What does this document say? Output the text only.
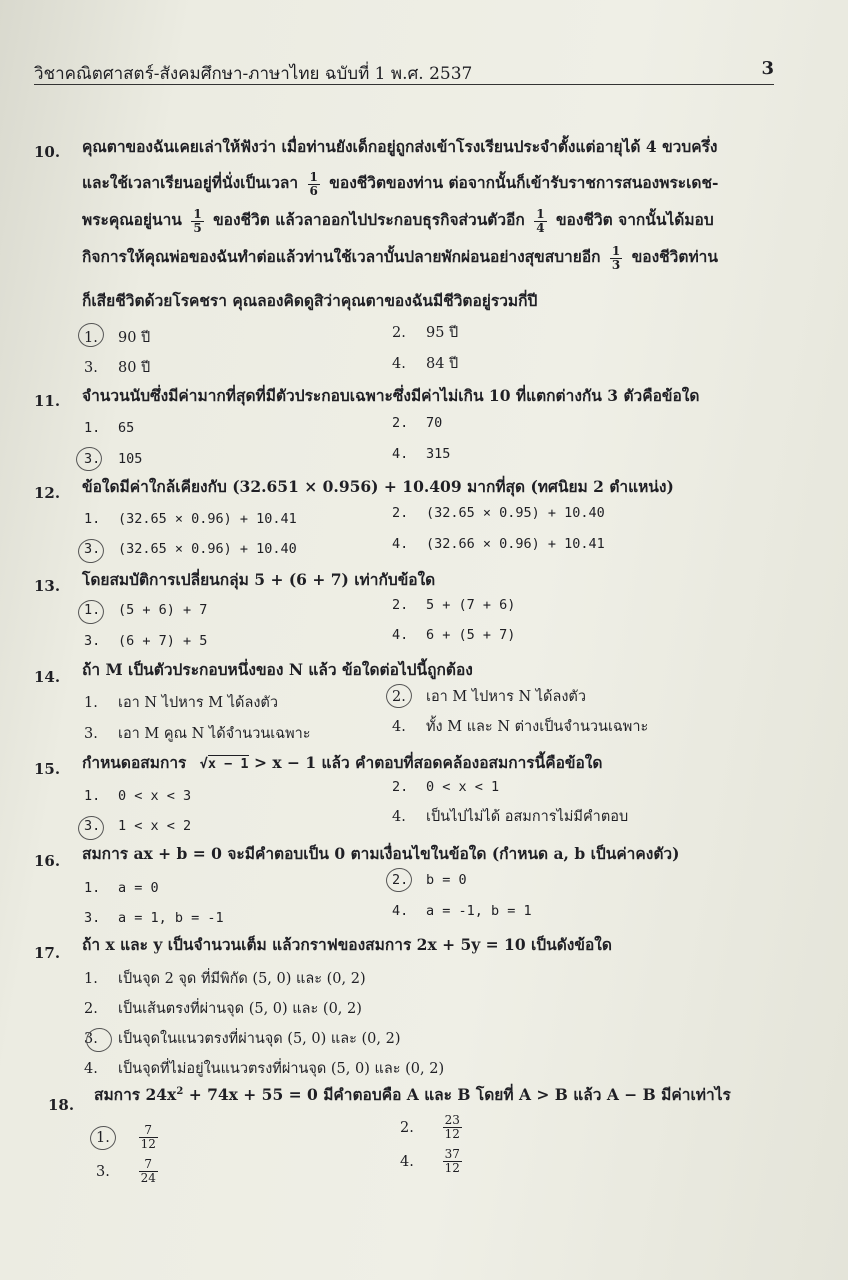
วิชาคณิตศาสตร์-สังคมศึกษา-ภาษาไทย ฉบับที่ 1 พ.ศ. 2537	3
10. คุณตาของฉันเคยเล่าให้ฟังว่า เมื่อท่านยังเด็กอยู่ถูกส่งเข้าโรงเรียนประจำตั้งแต่อายุได้ 4 ขวบครึ่ง
และใช้เวลาเรียนอยู่ที่นั่งเป็นเวลา $\frac{1}{6}$ ของชีวิตของท่าน ต่อจากนั้นก็เข้ารับราชการสนองพระเดช-
พระคุณอยู่นาน $\frac{1}{5}$ ของชีวิต แล้วลาออกไปประกอบธุรกิจส่วนตัวอีก $\frac{1}{4}$ ของชีวิต จากนั้นได้มอบ
กิจการให้คุณพ่อของฉันทำต่อแล้วท่านใช้เวลาบั้นปลายพักผ่อนอย่างสุขสบายอีก $\frac{1}{3}$ ของชีวิตท่าน
ก็เสียชีวิตด้วยโรคชรา คุณลองคิดดูสิว่าคุณตาของฉันมีชีวิตอยู่รวมกี่ปี
1. 90 ปี	2. 95 ปี
3. 80 ปี	4. 84 ปี
11. จำนวนนับซึ่งมีค่ามากที่สุดที่มีตัวประกอบเฉพาะซึ่งมีค่าไม่เกิน 10 ที่แตกต่างกัน 3 ตัวคือข้อใด
1. 65	2. 70
3. 105	4. 315
12. ข้อใดมีค่าใกล้เคียงกับ (32.651 × 0.956) + 10.409 มากที่สุด (ทศนิยม 2 ตำแหน่ง)
1. (32.65 × 0.96) + 10.41	2. (32.65 × 0.95) + 10.40
3. (32.65 × 0.96) + 10.40	4. (32.66 × 0.96) + 10.41
13. โดยสมบัติการเปลี่ยนกลุ่ม 5 + (6 + 7) เท่ากับข้อใด
1. (5 + 6) + 7	2. 5 + (7 + 6)
3. (6 + 7) + 5	4. 6 + (5 + 7)
14. ถ้า M เป็นตัวประกอบหนึ่งของ N แล้ว ข้อใดต่อไปนี้ถูกต้อง
1. เอา N ไปหาร M ได้ลงตัว	2. เอา M ไปหาร N ได้ลงตัว
3. เอา M คูณ N ได้จำนวนเฉพาะ	4. ทั้ง M และ N ต่างเป็นจำนวนเฉพาะ
15. กำหนดอสมการ √x − 1 > x − 1 แล้ว คำตอบที่สอดคล้องอสมการนี้คือข้อใด
1. 0 < x < 3
2. 0 < x < 1
3. 1 < x < 2
4. เป็นไปไม่ได้ อสมการไม่มีคำตอบ
16. สมการ ax + b = 0 จะมีคำตอบเป็น 0 ตามเงื่อนไขในข้อใด (กำหนด a, b เป็นค่าคงตัว)
1. a = 0	2. b = 0
3. a = 1, b = -1	4. a = -1, b = 1
17. ถ้า x และ y เป็นจำนวนเต็ม แล้วกราฟของสมการ 2x + 5y = 10 เป็นดังข้อใด
1. เป็นจุด 2 จุด ที่มีพิกัด (5, 0) และ (0, 2)
2. เป็นเส้นตรงที่ผ่านจุด (5, 0) และ (0, 2)
3. เป็นจุดในแนวตรงที่ผ่านจุด (5, 0) และ (0, 2)
4. เป็นจุดที่ไม่อยู่ในแนวตรงที่ผ่านจุด (5, 0) และ (0, 2)
18.
สมการ $24x^2 + 74x + 55 = 0$ มีคำตอบคือ A และ B โดยที่ A > B แล้ว A − B มีค่าเท่าไร
1. $\frac{7}{12}$	2. $\frac{23}{12}$
3. $\frac{7}{24}$	4. $\frac{37}{12}$
